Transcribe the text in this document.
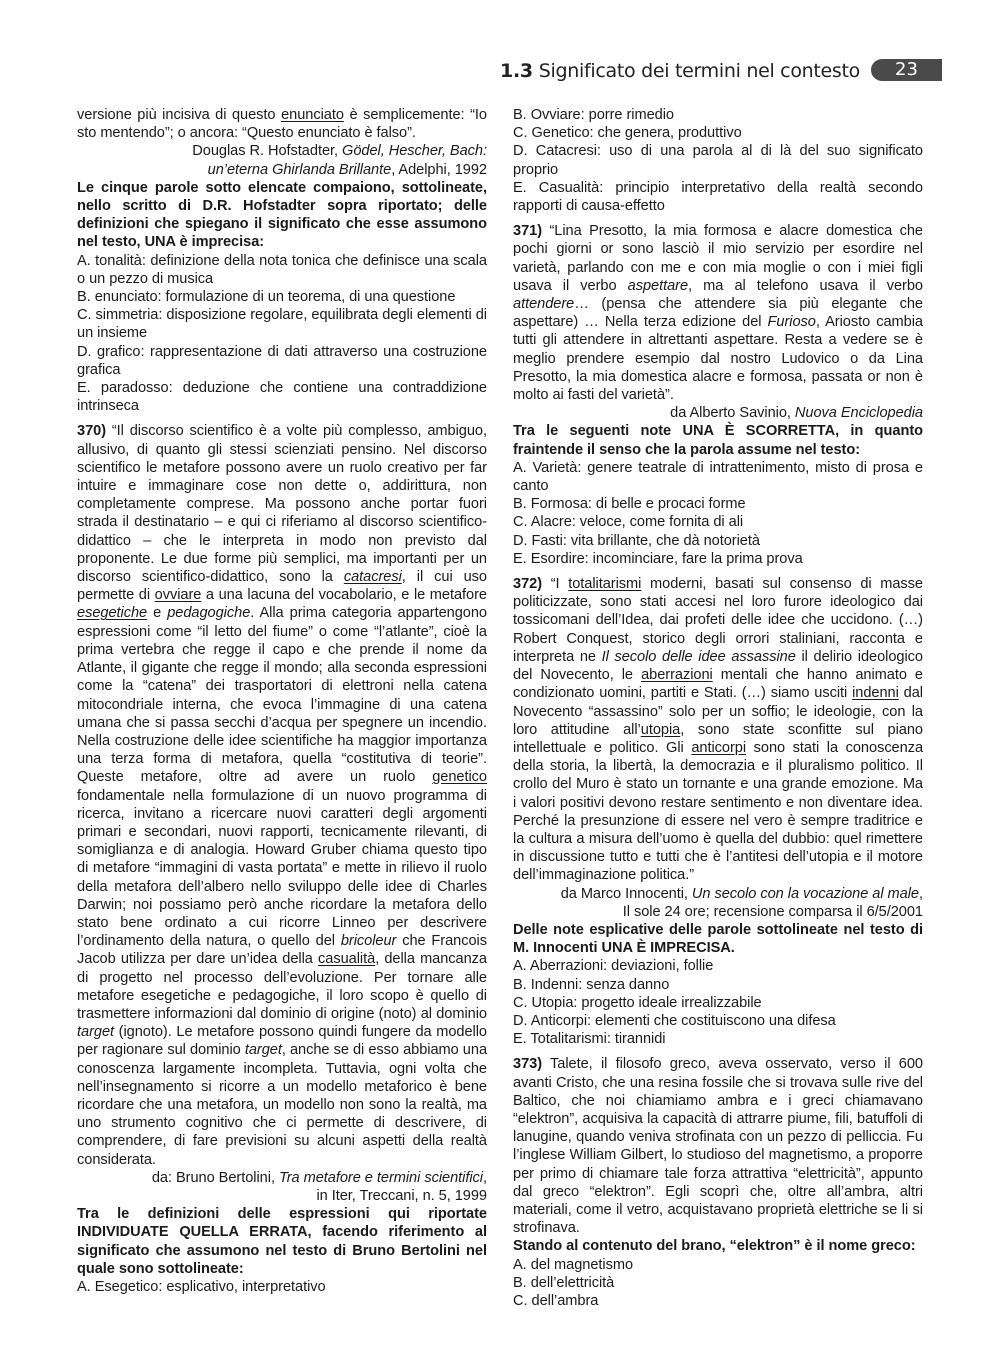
1.3 Significato dei termini nel contesto	23

versione più incisiva di questo enunciato è semplicemente: “Io sto mentendo”; o ancora: “Questo enunciato è falso”.

Douglas R. Hofstadter, Gödel, Hescher, Bach:
un’eterna Ghirlanda Brillante, Adelphi, 1992

Le cinque parole sotto elencate compaiono, sottolineate, nello scritto di D.R. Hofstadter sopra riportato; delle definizioni che spiegano il significato che esse assumono nel testo, UNA è imprecisa:

A. tonalità: definizione della nota tonica che definisce una scala o un pezzo di musica

B. enunciato: formulazione di un teorema, di una questione

C. simmetria: disposizione regolare, equilibrata degli elementi di un insieme

D. grafico: rappresentazione di dati attraverso una costruzione grafica

E. paradosso: deduzione che contiene una contraddizione intrinseca

370) “Il discorso scientifico è a volte più complesso, ambiguo, allusivo, di quanto gli stessi scienziati pensino. Nel discorso scientifico le metafore possono avere un ruolo creativo per far intuire e immaginare cose non dette o, addirittura, non completamente comprese. Ma possono anche portar fuori strada il destinatario – e qui ci riferiamo al discorso scientifico-didattico – che le interpreta in modo non previsto dal proponente. Le due forme più semplici, ma importanti per un discorso scientifico-didattico, sono la catacresi, il cui uso permette di ovviare a una lacuna del vocabolario, e le metafore esegetiche e pedagogiche. Alla prima categoria appartengono espressioni come “il letto del fiume” o come “l’atlante”, cioè la prima vertebra che regge il capo e che prende il nome da Atlante, il gigante che regge il mondo; alla seconda espressioni come la “catena” dei trasportatori di elettroni nella catena mitocondriale interna, che evoca l’immagine di una catena umana che si passa secchi d’acqua per spegnere un incendio. Nella costruzione delle idee scientifiche ha maggior importanza una terza forma di metafora, quella “costitutiva di teorie”. Queste metafore, oltre ad avere un ruolo genetico fondamentale nella formulazione di un nuovo programma di ricerca, invitano a ricercare nuovi caratteri degli argomenti primari e secondari, nuovi rapporti, tecnicamente rilevanti, di somiglianza e di analogia. Howard Gruber chiama questo tipo di metafore “immagini di vasta portata” e mette in rilievo il ruolo della metafora dell’albero nello sviluppo delle idee di Charles Darwin; noi possiamo però anche ricordare la metafora dello stato bene ordinato a cui ricorre Linneo per descrivere l’ordinamento della natura, o quello del bricoleur che Francois Jacob utilizza per dare un’idea della casualità, della mancanza di progetto nel processo dell’evoluzione. Per tornare alle metafore esegetiche e pedagogiche, il loro scopo è quello di trasmettere informazioni dal dominio di origine (noto) al dominio target (ignoto). Le metafore possono quindi fungere da modello per ragionare sul dominio target, anche se di esso abbiamo una conoscenza largamente incompleta. Tuttavia, ogni volta che nell’insegnamento si ricorre a un modello metaforico è bene ricordare che una metafora, un modello non sono la realtà, ma uno strumento cognitivo che ci permette di descrivere, di comprendere, di fare previsioni su alcuni aspetti della realtà considerata.

da: Bruno Bertolini, Tra metafore e termini scientifici,
in Iter, Treccani, n. 5, 1999

Tra le definizioni delle espressioni qui riportate INDIVIDUATE QUELLA ERRATA, facendo riferimento al significato che assumono nel testo di Bruno Bertolini nel quale sono sottolineate:

A. Esegetico: esplicativo, interpretativo

B. Ovviare: porre rimedio

C. Genetico: che genera, produttivo

D. Catacresi: uso di una parola al di là del suo significato proprio

E. Casualità: principio interpretativo della realtà secondo rapporti di causa-effetto

371) “Lina Presotto, la mia formosa e alacre domestica che pochi giorni or sono lasciò il mio servizio per esordire nel varietà, parlando con me e con mia moglie o con i miei figli usava il verbo aspettare, ma al telefono usava il verbo attendere… (pensa che attendere sia più elegante che aspettare) … Nella terza edizione del Furioso, Ariosto cambia tutti gli attendere in altrettanti aspettare. Resta a vedere se è meglio prendere esempio dal nostro Ludovico o da Lina Presotto, la mia domestica alacre e formosa, passata or non è molto ai fasti del varietà”.

da Alberto Savinio, Nuova Enciclopedia

Tra le seguenti note UNA È SCORRETTA, in quanto fraintende il senso che la parola assume nel testo:

A. Varietà: genere teatrale di intrattenimento, misto di prosa e canto

B. Formosa: di belle e procaci forme

C. Alacre: veloce, come fornita di ali

D. Fasti: vita brillante, che dà notorietà

E. Esordire: incominciare, fare la prima prova

372) “I totalitarismi moderni, basati sul consenso di masse politicizzate, sono stati accesi nel loro furore ideologico dai tossicomani dell’Idea, dai profeti delle idee che uccidono. (…) Robert Conquest, storico degli orrori staliniani, racconta e interpreta ne Il secolo delle idee assassine il delirio ideologico del Novecento, le aberrazioni mentali che hanno animato e condizionato uomini, partiti e Stati. (…) siamo usciti indenni dal Novecento “assassino” solo per un soffio; le ideologie, con la loro attitudine all’utopia, sono state sconfitte sul piano intellettuale e politico. Gli anticorpi sono stati la conoscenza della storia, la libertà, la democrazia e il pluralismo politico. Il crollo del Muro è stato un tornante e una grande emozione. Ma i valori positivi devono restare sentimento e non diventare idea. Perché la presunzione di essere nel vero è sempre traditrice e la cultura a misura dell’uomo è quella del dubbio: quel rimettere in discussione tutto e tutti che è l’antitesi dell’utopia e il motore dell’immaginazione politica.”

da Marco Innocenti, Un secolo con la vocazione al male,
Il sole 24 ore; recensione comparsa il 6/5/2001

Delle note esplicative delle parole sottolineate nel testo di M. Innocenti UNA È IMPRECISA.

A. Aberrazioni: deviazioni, follie

B. Indenni: senza danno

C. Utopia: progetto ideale irrealizzabile

D. Anticorpi: elementi che costituiscono una difesa

E. Totalitarismi: tirannidi

373) Talete, il filosofo greco, aveva osservato, verso il 600 avanti Cristo, che una resina fossile che si trovava sulle rive del Baltico, che noi chiamiamo ambra e i greci chiamavano “elektron”, acquisiva la capacità di attrarre piume, fili, batuffoli di lanugine, quando veniva strofinata con un pezzo di pelliccia. Fu l’inglese William Gilbert, lo studioso del magnetismo, a proporre per primo di chiamare tale forza attrattiva “elettricità”, appunto dal greco “elektron”. Egli scoprì che, oltre all’ambra, altri materiali, come il vetro, acquistavano proprietà elettriche se li si strofinava.

Stando al contenuto del brano, “elektron” è il nome greco:

A. del magnetismo

B. dell’elettricità

C. dell’ambra
